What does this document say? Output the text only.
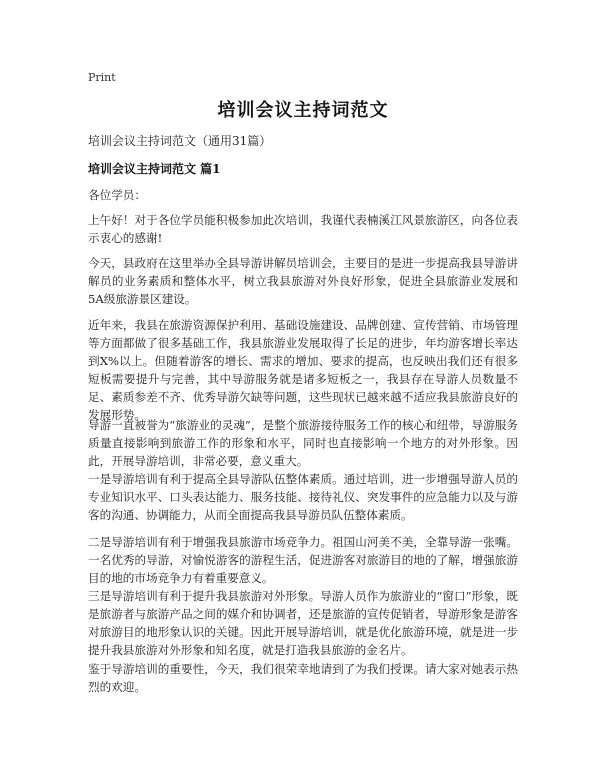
Print
培训会议主持词范文
培训会议主持词范文（通用31篇）
培训会议主持词范文 篇1

各位学员：

上午好！对于各位学员能积极参加此次培训，我谨代表楠溪江风景旅游区，向各位表示衷心的感谢!

今天，县政府在这里举办全县导游讲解员培训会，主要目的是进一步提高我县导游讲解员的业务素质和整体水平，树立我县旅游对外良好形象，促进全县旅游业发展和5A级旅游景区建设。

近年来，我县在旅游资源保护利用、基础设施建设、品牌创建、宣传营销、市场管理等方面都做了很多基础工作，我县旅游业发展取得了长足的进步，年均游客增长率达到X%以上。但随着游客的增长、需求的增加、要求的提高，也反映出我们还有很多短板需要提升与完善，其中导游服务就是诸多短板之一，我县存在导游人员数量不足、素质参差不齐、优秀导游欠缺等问题，这些现状已越来越不适应我县旅游良好的发展形势。

导游一直被誉为“旅游业的灵魂”，是整个旅游接待服务工作的核心和纽带，导游服务质量直接影响到旅游工作的形象和水平，同时也直接影响一个地方的对外形象。因此，开展导游培训，非常必要，意义重大。

一是导游培训有利于提高全县导游队伍整体素质。通过培训，进一步增强导游人员的专业知识水平、口头表达能力、服务技能、接待礼仪、突发事件的应急能力以及与游客的沟通、协调能力，从而全面提高我县导游员队伍整体素质。

二是导游培训有利于增强我县旅游市场竞争力。祖国山河美不美，全靠导游一张嘴。一名优秀的导游，对愉悦游客的游程生活，促进游客对旅游目的地的了解，增强旅游目的地的市场竞争力有着重要意义。

三是导游培训有利于提升我县旅游对外形象。导游人员作为旅游业的“窗口”形象，既是旅游者与旅游产品之间的媒介和协调者，还是旅游的宣传促销者，导游形象是游客对旅游目的地形象认识的关键。因此开展导游培训，就是优化旅游环境，就是进一步提升我县旅游对外形象和知名度，就是打造我县旅游的金名片。

鉴于导游培训的重要性，今天，我们很荣幸地请到了为我们授课。请大家对她表示热烈的欢迎。
